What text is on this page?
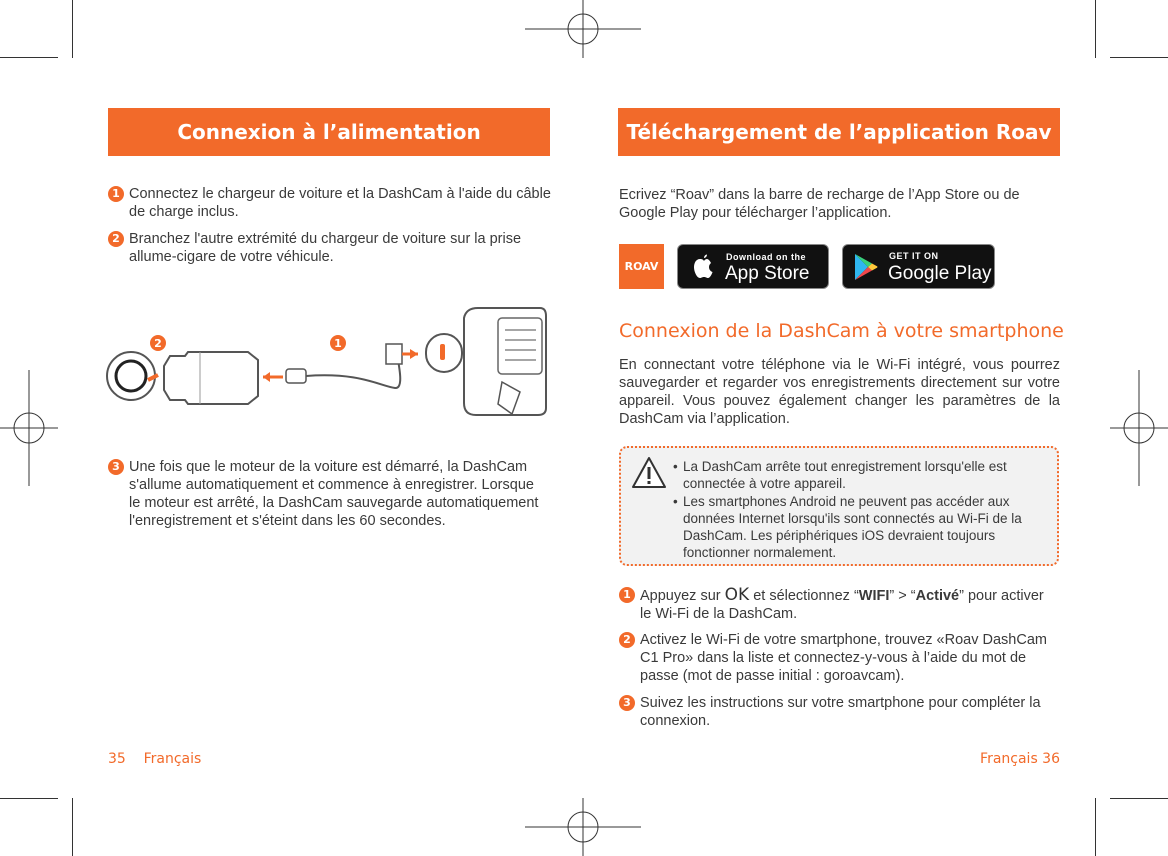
Connexion à l’alimentation
1 Connectez le chargeur de voiture et la DashCam à l'aide du câble de charge inclus.
2 Branchez l'autre extrémité du chargeur de voiture sur la prise allume-cigare de votre véhicule.
2	1
3 Une fois que le moteur de la voiture est démarré, la DashCam s'allume automatiquement et commence à enregistrer. Lorsque le moteur est arrêté, la DashCam sauvegarde automatiquement l'enregistrement et s'éteint dans les 60 secondes.
Téléchargement de l’application Roav
Ecrivez “Roav” dans la barre de recharge de l’App Store ou de Google Play pour télécharger l’application.
ROAV
Download on the
App Store
GET IT ON
Google Play
Connexion de la DashCam à votre smartphone
En connectant votre téléphone via le Wi-Fi intégré, vous pourrez sauvegarder et regarder vos enregistrements directement sur votre appareil. Vous pouvez également changer les paramètres de la DashCam via l’application.
• La DashCam arrête tout enregistrement lorsqu'elle est connectée à votre appareil.
• Les smartphones Android ne peuvent pas accéder aux données Internet lorsqu'ils sont connectés au Wi-Fi de la DashCam. Les périphériques iOS devraient toujours fonctionner normalement.
1 Appuyez sur OK et sélectionnez “WIFI” > “Activé” pour activer le Wi-Fi de la DashCam.
2 Activez le Wi-Fi de votre smartphone, trouvez «Roav DashCam C1 Pro» dans la liste et connectez-y-vous à l’aide du mot de passe (mot de passe initial : goroavcam).
3 Suivez les instructions sur votre smartphone pour compléter la connexion.
35    Français	Français 36
